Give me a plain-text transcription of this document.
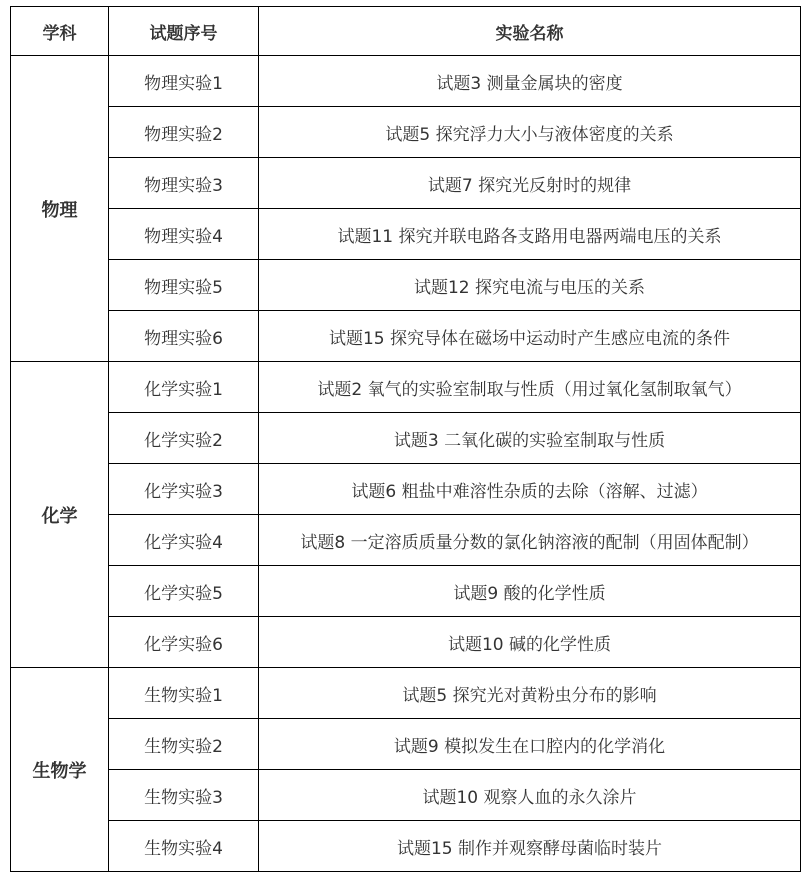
学科	试题序号	实验名称
物理	物理实验1	试题3 测量金属块的密度
	物理实验2	试题5 探究浮力大小与液体密度的关系
	物理实验3	试题7 探究光反射时的规律
	物理实验4	试题11 探究并联电路各支路用电器两端电压的关系
	物理实验5	试题12 探究电流与电压的关系
	物理实验6	试题15 探究导体在磁场中运动时产生感应电流的条件
化学	化学实验1	试题2 氧气的实验室制取与性质（用过氧化氢制取氧气）
	化学实验2	试题3 二氧化碳的实验室制取与性质
	化学实验3	试题6 粗盐中难溶性杂质的去除（溶解、过滤）
	化学实验4	试题8 一定溶质质量分数的氯化钠溶液的配制（用固体配制）
	化学实验5	试题9 酸的化学性质
	化学实验6	试题10 碱的化学性质
生物学	生物实验1	试题5 探究光对黄粉虫分布的影响
	生物实验2	试题9 模拟发生在口腔内的化学消化
	生物实验3	试题10 观察人血的永久涂片
	生物实验4	试题15 制作并观察酵母菌临时装片
